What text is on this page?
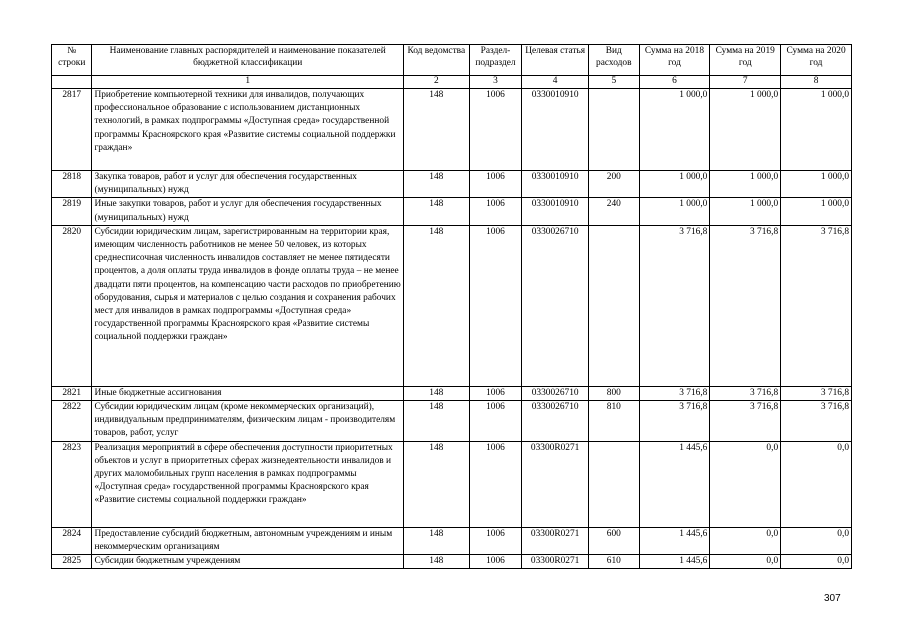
№ строки	Наименование главных распорядителей и наименование показателей бюджетной классификации	Код ведомства	Раздел-подраздел	Целевая статья	Вид расходов	Сумма на 2018 год	Сумма на 2019 год	Сумма на 2020 год
	1	2	3	4	5	6	7	8
2817	Приобретение компьютерной техники для инвалидов, получающих профессиональное образование с использованием дистанционных технологий, в рамках подпрограммы «Доступная среда» государственной программы Красноярского края «Развитие системы социальной поддержки граждан»	148	1006	0330010910		1 000,0	1 000,0	1 000,0
2818	Закупка товаров, работ и услуг для обеспечения государственных (муниципальных) нужд	148	1006	0330010910	200	1 000,0	1 000,0	1 000,0
2819	Иные закупки товаров, работ и услуг для обеспечения государственных (муниципальных) нужд	148	1006	0330010910	240	1 000,0	1 000,0	1 000,0
2820	Субсидии юридическим лицам, зарегистрированным на территории края, имеющим численность работников не менее 50 человек, из которых среднесписочная численность инвалидов составляет не менее пятидесяти процентов, а доля оплаты труда инвалидов в фонде оплаты труда – не менее двадцати пяти процентов, на компенсацию части расходов по приобретению оборудования, сырья и материалов с целью создания и сохранения рабочих мест для инвалидов в рамках подпрограммы «Доступная среда» государственной программы Красноярского края «Развитие системы социальной поддержки граждан»	148	1006	0330026710		3 716,8	3 716,8	3 716,8
2821	Иные бюджетные ассигнования	148	1006	0330026710	800	3 716,8	3 716,8	3 716,8
2822	Субсидии юридическим лицам (кроме некоммерческих организаций), индивидуальным предпринимателям, физическим лицам - производителям товаров, работ, услуг	148	1006	0330026710	810	3 716,8	3 716,8	3 716,8
2823	Реализация мероприятий в сфере обеспечения доступности приоритетных объектов и услуг в приоритетных сферах жизнедеятельности инвалидов и других маломобильных групп населения в рамках подпрограммы «Доступная среда» государственной программы Красноярского края «Развитие системы социальной поддержки граждан»	148	1006	03300R0271		1 445,6	0,0	0,0
2824	Предоставление субсидий бюджетным, автономным учреждениям и иным некоммерческим организациям	148	1006	03300R0271	600	1 445,6	0,0	0,0
2825	Субсидии бюджетным учреждениям	148	1006	03300R0271	610	1 445,6	0,0	0,0
307
